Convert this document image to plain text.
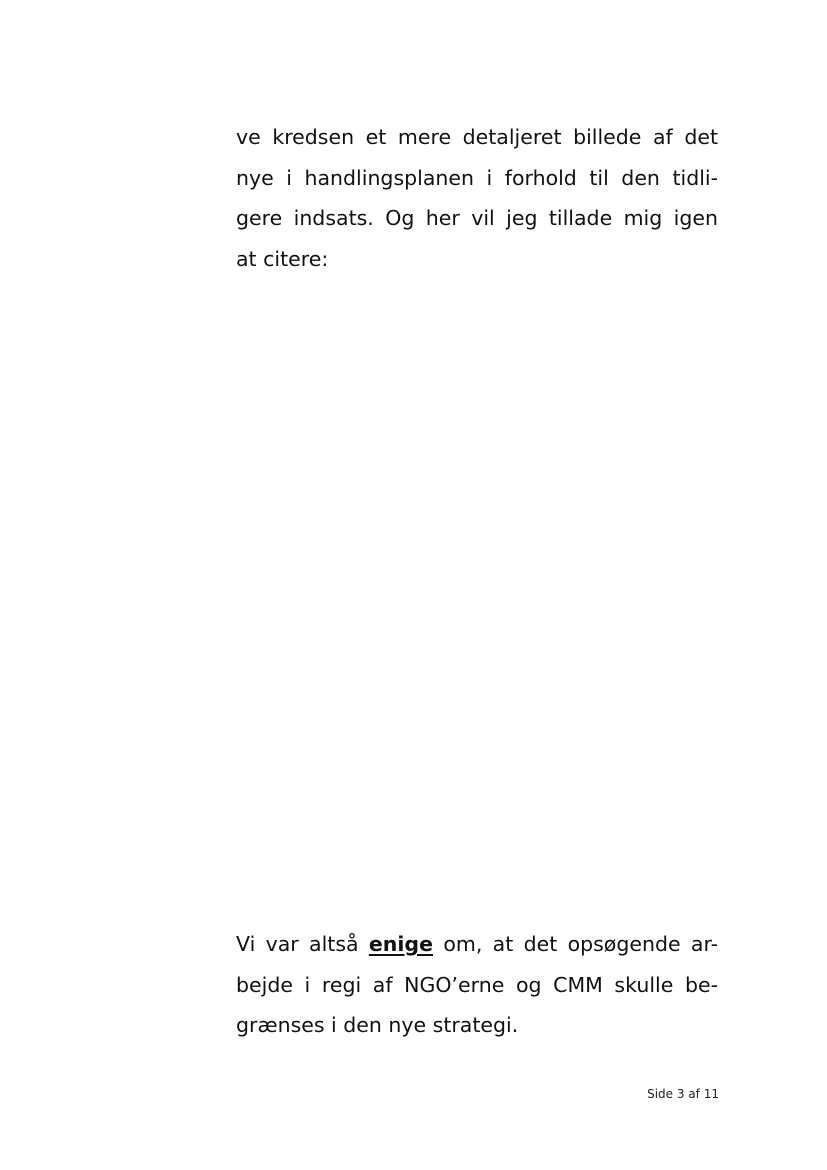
ve kredsen et mere detaljeret billede af det
nye i handlingsplanen i forhold til den tidli-
gere indsats. Og her vil jeg tillade mig igen
at citere:
Vi var altså enige om, at det opsøgende ar-
bejde i regi af NGO’erne og CMM skulle be-
grænses i den nye strategi.
Side 3 af 11
